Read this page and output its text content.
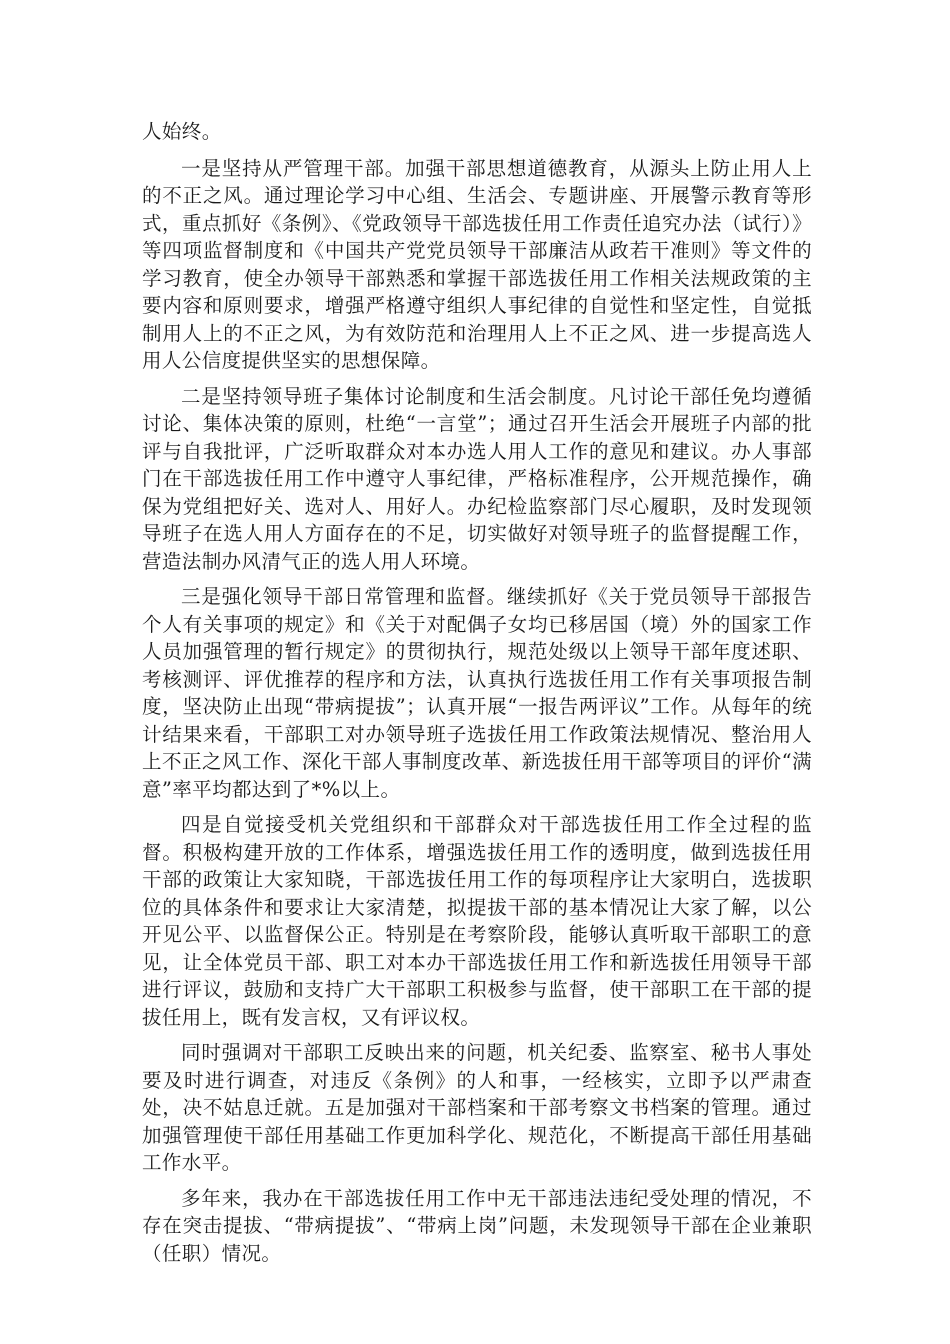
人始终。

一是坚持从严管理干部。加强干部思想道德教育，从源头上防止用人上的不正之风。通过理论学习中心组、生活会、专题讲座、开展警示教育等形式，重点抓好《条例》、《党政领导干部选拔任用工作责任追究办法（试行）》等四项监督制度和《中国共产党党员领导干部廉洁从政若干准则》等文件的学习教育，使全办领导干部熟悉和掌握干部选拔任用工作相关法规政策的主要内容和原则要求，增强严格遵守组织人事纪律的自觉性和坚定性，自觉抵制用人上的不正之风，为有效防范和治理用人上不正之风、进一步提高选人用人公信度提供坚实的思想保障。

二是坚持领导班子集体讨论制度和生活会制度。凡讨论干部任免均遵循讨论、集体决策的原则，杜绝“一言堂”；通过召开生活会开展班子内部的批评与自我批评，广泛听取群众对本办选人用人工作的意见和建议。办人事部门在干部选拔任用工作中遵守人事纪律，严格标准程序，公开规范操作，确保为党组把好关、选对人、用好人。办纪检监察部门尽心履职，及时发现领导班子在选人用人方面存在的不足，切实做好对领导班子的监督提醒工作，营造法制办风清气正的选人用人环境。

三是强化领导干部日常管理和监督。继续抓好《关于党员领导干部报告个人有关事项的规定》和《关于对配偶子女均已移居国（境）外的国家工作人员加强管理的暂行规定》的贯彻执行，规范处级以上领导干部年度述职、考核测评、评优推荐的程序和方法，认真执行选拔任用工作有关事项报告制度，坚决防止出现“带病提拔”；认真开展“一报告两评议”工作。从每年的统计结果来看，干部职工对办领导班子选拔任用工作政策法规情况、整治用人上不正之风工作、深化干部人事制度改革、新选拔任用干部等项目的评价“满意”率平均都达到了*%以上。

四是自觉接受机关党组织和干部群众对干部选拔任用工作全过程的监督。积极构建开放的工作体系，增强选拔任用工作的透明度，做到选拔任用干部的政策让大家知晓，干部选拔任用工作的每项程序让大家明白，选拔职位的具体条件和要求让大家清楚，拟提拔干部的基本情况让大家了解，以公开见公平、以监督保公正。特别是在考察阶段，能够认真听取干部职工的意见，让全体党员干部、职工对本办干部选拔任用工作和新选拔任用领导干部进行评议，鼓励和支持广大干部职工积极参与监督，使干部职工在干部的提拔任用上，既有发言权，又有评议权。

同时强调对干部职工反映出来的问题，机关纪委、监察室、秘书人事处要及时进行调查，对违反《条例》的人和事，一经核实，立即予以严肃查处，决不姑息迁就。五是加强对干部档案和干部考察文书档案的管理。通过加强管理使干部任用基础工作更加科学化、规范化，不断提高干部任用基础工作水平。

多年来，我办在干部选拔任用工作中无干部违法违纪受处理的情况，不存在突击提拔、“带病提拔”、“带病上岗”问题，未发现领导干部在企业兼职（任职）情况。
